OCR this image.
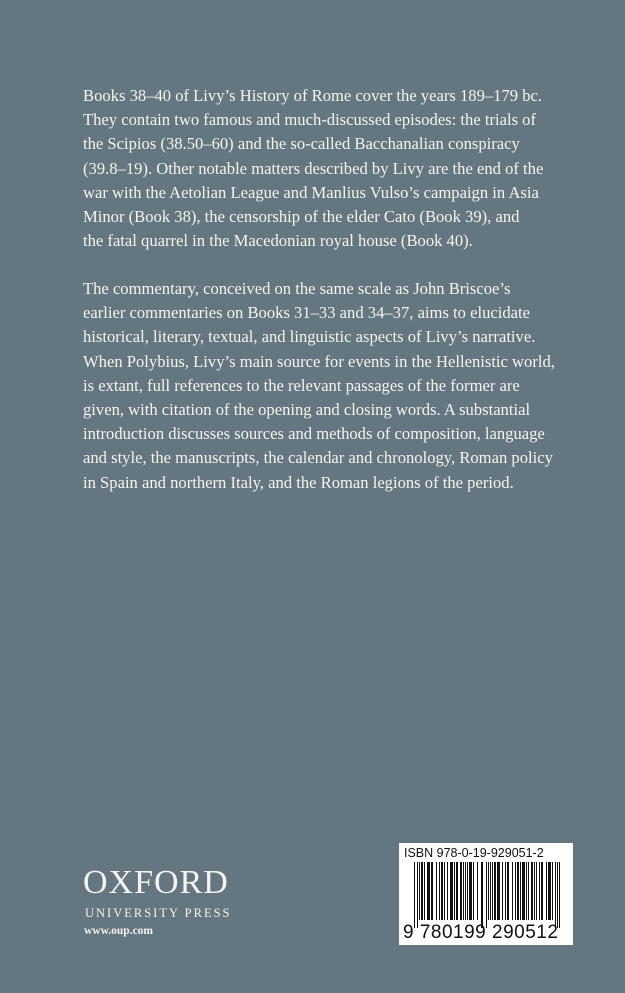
Books 38–40 of Livy’s History of Rome cover the years 189–179 bc.
They contain two famous and much-discussed episodes: the trials of
the Scipios (38.50–60) and the so-called Bacchanalian conspiracy
(39.8–19). Other notable matters described by Livy are the end of the
war with the Aetolian League and Manlius Vulso’s campaign in Asia
Minor (Book 38), the censorship of the elder Cato (Book 39), and
the fatal quarrel in the Macedonian royal house (Book 40).
The commentary, conceived on the same scale as John Briscoe’s
earlier commentaries on Books 31–33 and 34–37, aims to elucidate
historical, literary, textual, and linguistic aspects of Livy’s narrative.
When Polybius, Livy’s main source for events in the Hellenistic world,
is extant, full references to the relevant passages of the former are
given, with citation of the opening and closing words. A substantial
introduction discusses sources and methods of composition, language
and style, the manuscripts, the calendar and chronology, Roman policy
in Spain and northern Italy, and the Roman legions of the period.
OXFORD
UNIVERSITY PRESS
www.oup.com
ISBN 978-0-19-929051-2
9 780199 290512
